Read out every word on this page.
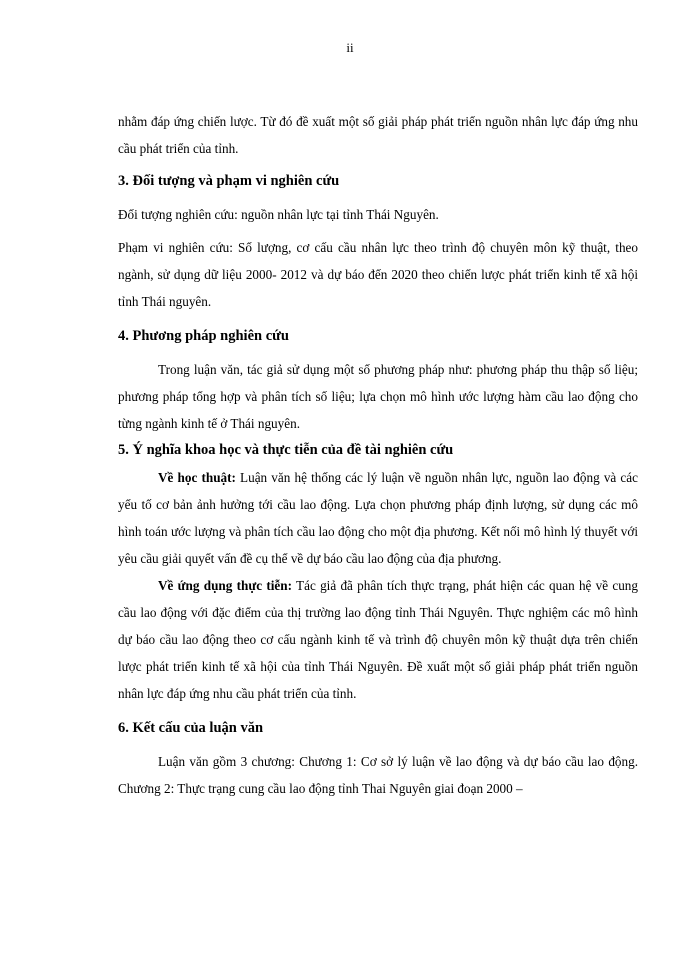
ii

nhằm đáp ứng chiến lược. Từ đó đề xuất một số giải pháp phát triển nguồn nhân lực đáp ứng nhu cầu phát triển của tỉnh.

3. Đối tượng và phạm vi nghiên cứu

Đối tượng nghiên cứu: nguồn nhân lực tại tỉnh Thái Nguyên.

Phạm vi nghiên cứu: Số lượng, cơ cấu cầu nhân lực theo trình độ chuyên môn kỹ thuật, theo ngành, sử dụng dữ liệu 2000- 2012 và dự báo đến 2020 theo chiến lược phát triển kinh tế xã hội tỉnh Thái nguyên.

4. Phương pháp nghiên cứu

Trong luận văn, tác giả sử dụng một số phương pháp như: phương pháp thu thập số liệu; phương pháp tổng hợp và phân tích số liệu; lựa chọn mô hình ước lượng hàm cầu lao động cho từng ngành kinh tế ở Thái nguyên.

5. Ý nghĩa khoa học và thực tiễn của đề tài nghiên cứu

Về học thuật: Luận văn hệ thống các lý luận về nguồn nhân lực, nguồn lao động và các yếu tố cơ bản ảnh hưởng tới cầu lao động. Lựa chọn phương pháp định lượng, sử dụng các mô hình toán ước lượng và phân tích cầu lao động cho một địa phương. Kết nối mô hình lý thuyết với yêu cầu giải quyết vấn đề cụ thể về dự báo cầu lao động của địa phương.

Về ứng dụng thực tiễn: Tác giả đã phân tích thực trạng, phát hiện các quan hệ về cung cầu lao động với đặc điểm của thị trường lao động tỉnh Thái Nguyên. Thực nghiệm các mô hình dự báo cầu lao động theo cơ cấu ngành kinh tế và trình độ chuyên môn kỹ thuật dựa trên chiến lược phát triển kinh tế xã hội của tỉnh Thái Nguyên. Đề xuất một số giải pháp phát triển nguồn nhân lực đáp ứng nhu cầu phát triển của tỉnh.

6. Kết cấu của luận văn

Luận văn gồm 3 chương: Chương 1: Cơ sở lý luận về lao động và dự báo cầu lao động. Chương 2: Thực trạng cung cầu lao động tỉnh Thai Nguyên giai đoạn 2000 –
